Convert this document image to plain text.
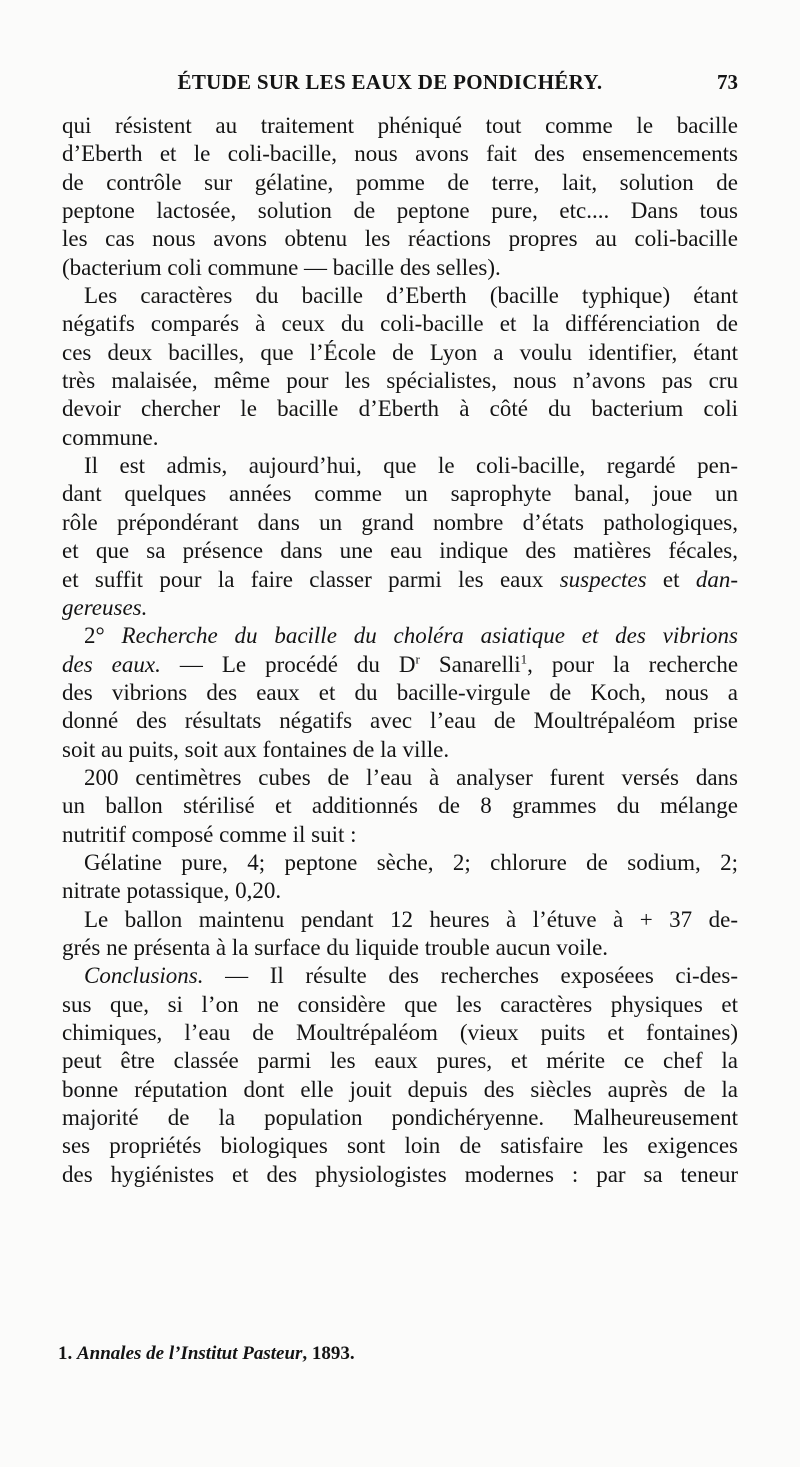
ÉTUDE SUR LES EAUX DE PONDICHÉRY.	73
qui résistent au traitement phéniqué tout comme le bacille
d’Eberth et le coli-bacille, nous avons fait des ensemencements
de contrôle sur gélatine, pomme de terre, lait, solution de
peptone lactosée, solution de peptone pure, etc.... Dans tous
les cas nous avons obtenu les réactions propres au coli-bacille
(bacterium coli commune — bacille des selles).
Les caractères du bacille d’Eberth (bacille typhique) étant
négatifs comparés à ceux du coli-bacille et la différenciation de
ces deux bacilles, que l’École de Lyon a voulu identifier, étant
très malaisée, même pour les spécialistes, nous n’avons pas cru
devoir chercher le bacille d’Eberth à côté du bacterium coli
commune.
Il est admis, aujourd’hui, que le coli-bacille, regardé pen-
dant quelques années comme un saprophyte banal, joue un
rôle prépondérant dans un grand nombre d’états pathologiques,
et que sa présence dans une eau indique des matières fécales,
et suffit pour la faire classer parmi les eaux suspectes et dan-
gereuses.
2° Recherche du bacille du choléra asiatique et des vibrions
des eaux. — Le procédé du $D^r$ Sanarelli$^1$, pour la recherche
des vibrions des eaux et du bacille-virgule de Koch, nous a
donné des résultats négatifs avec l’eau de Moultrépaléom prise
soit au puits, soit aux fontaines de la ville.
200 centimètres cubes de l’eau à analyser furent versés dans
un ballon stérilisé et additionnés de 8 grammes du mélange
nutritif composé comme il suit :
Gélatine pure, 4; peptone sèche, 2; chlorure de sodium, 2;
nitrate potassique, 0,20.
Le ballon maintenu pendant 12 heures à l’étuve à + 37 de-
grés ne présenta à la surface du liquide trouble aucun voile.
Conclusions. — Il résulte des recherches exposéees ci-des-
sus que, si l’on ne considère que les caractères physiques et
chimiques, l’eau de Moultrépaléom (vieux puits et fontaines)
peut être classée parmi les eaux pures, et mérite ce chef la
bonne réputation dont elle jouit depuis des siècles auprès de la
majorité de la population pondichéryenne. Malheureusement
ses propriétés biologiques sont loin de satisfaire les exigences
des hygiénistes et des physiologistes modernes : par sa teneur
1. Annales de l’Institut Pasteur, 1893.
